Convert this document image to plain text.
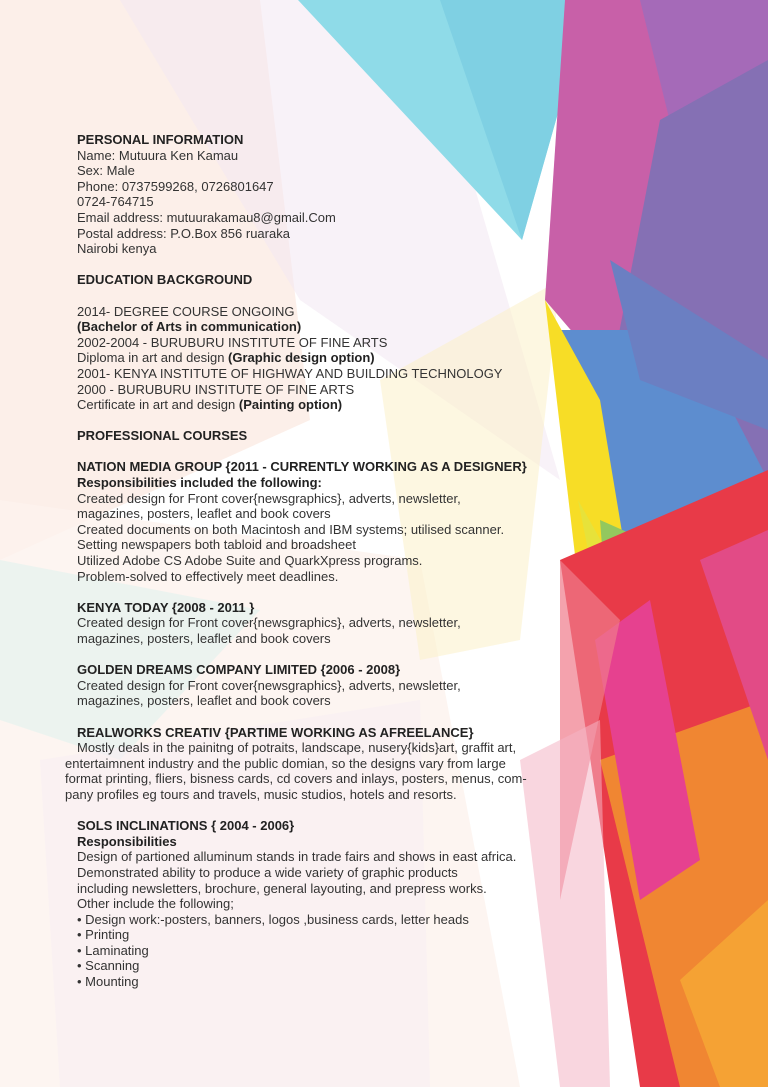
PERSONAL INFORMATION
Name: Mutuura Ken Kamau
Sex: Male
Phone: 0737599268, 0726801647
0724-764715
Email address: mutuurakamau8@gmail.Com
Postal address: P.O.Box 856 ruaraka
Nairobi kenya
EDUCATION BACKGROUND
2014- DEGREE COURSE ONGOING
(Bachelor of Arts in communication)
2002-2004 - BURUBURU INSTITUTE OF FINE ARTS
Diploma in art and design (Graphic design option)
2001- KENYA INSTITUTE OF HIGHWAY AND BUILDING TECHNOLOGY
2000 - BURUBURU INSTITUTE OF FINE ARTS
Certificate in art and design (Painting option)
PROFESSIONAL COURSES
NATION MEDIA GROUP {2011 - CURRENTLY WORKING AS A DESIGNER}
Responsibilities included the following:
Created design for Front cover{newsgraphics}, adverts, newsletter,
magazines, posters, leaflet and book covers
Created documents on both Macintosh and IBM systems; utilised scanner.
Setting newspapers both tabloid and broadsheet
Utilized Adobe CS Adobe Suite and QuarkXpress programs.
Problem-solved to effectively meet deadlines.
KENYA TODAY {2008 - 2011 }
Created design for Front cover{newsgraphics}, adverts, newsletter,
magazines, posters, leaflet and book covers
GOLDEN DREAMS COMPANY LIMITED {2006 - 2008}
Created design for Front cover{newsgraphics}, adverts, newsletter,
magazines, posters, leaflet and book covers
REALWORKS CREATIV {PARTIME WORKING AS AFREELANCE}
Mostly deals in the painitng of potraits, landscape, nusery{kids}art, graffit art,
entertaimnent industry and the public domian, so the designs vary from large
format printing, fliers, bisness cards, cd covers and inlays, posters, menus, com-
pany profiles eg tours and travels, music studios, hotels and resorts.
SOLS INCLINATIONS { 2004 - 2006}
Responsibilities
Design of partioned alluminum stands in trade fairs and shows in east africa.
Demonstrated ability to produce a wide variety of graphic products
including newsletters, brochure, general layouting, and prepress works.
Other include the following;
• Design work:-posters, banners, logos ,business cards, letter heads
• Printing
• Laminating
• Scanning
• Mounting
